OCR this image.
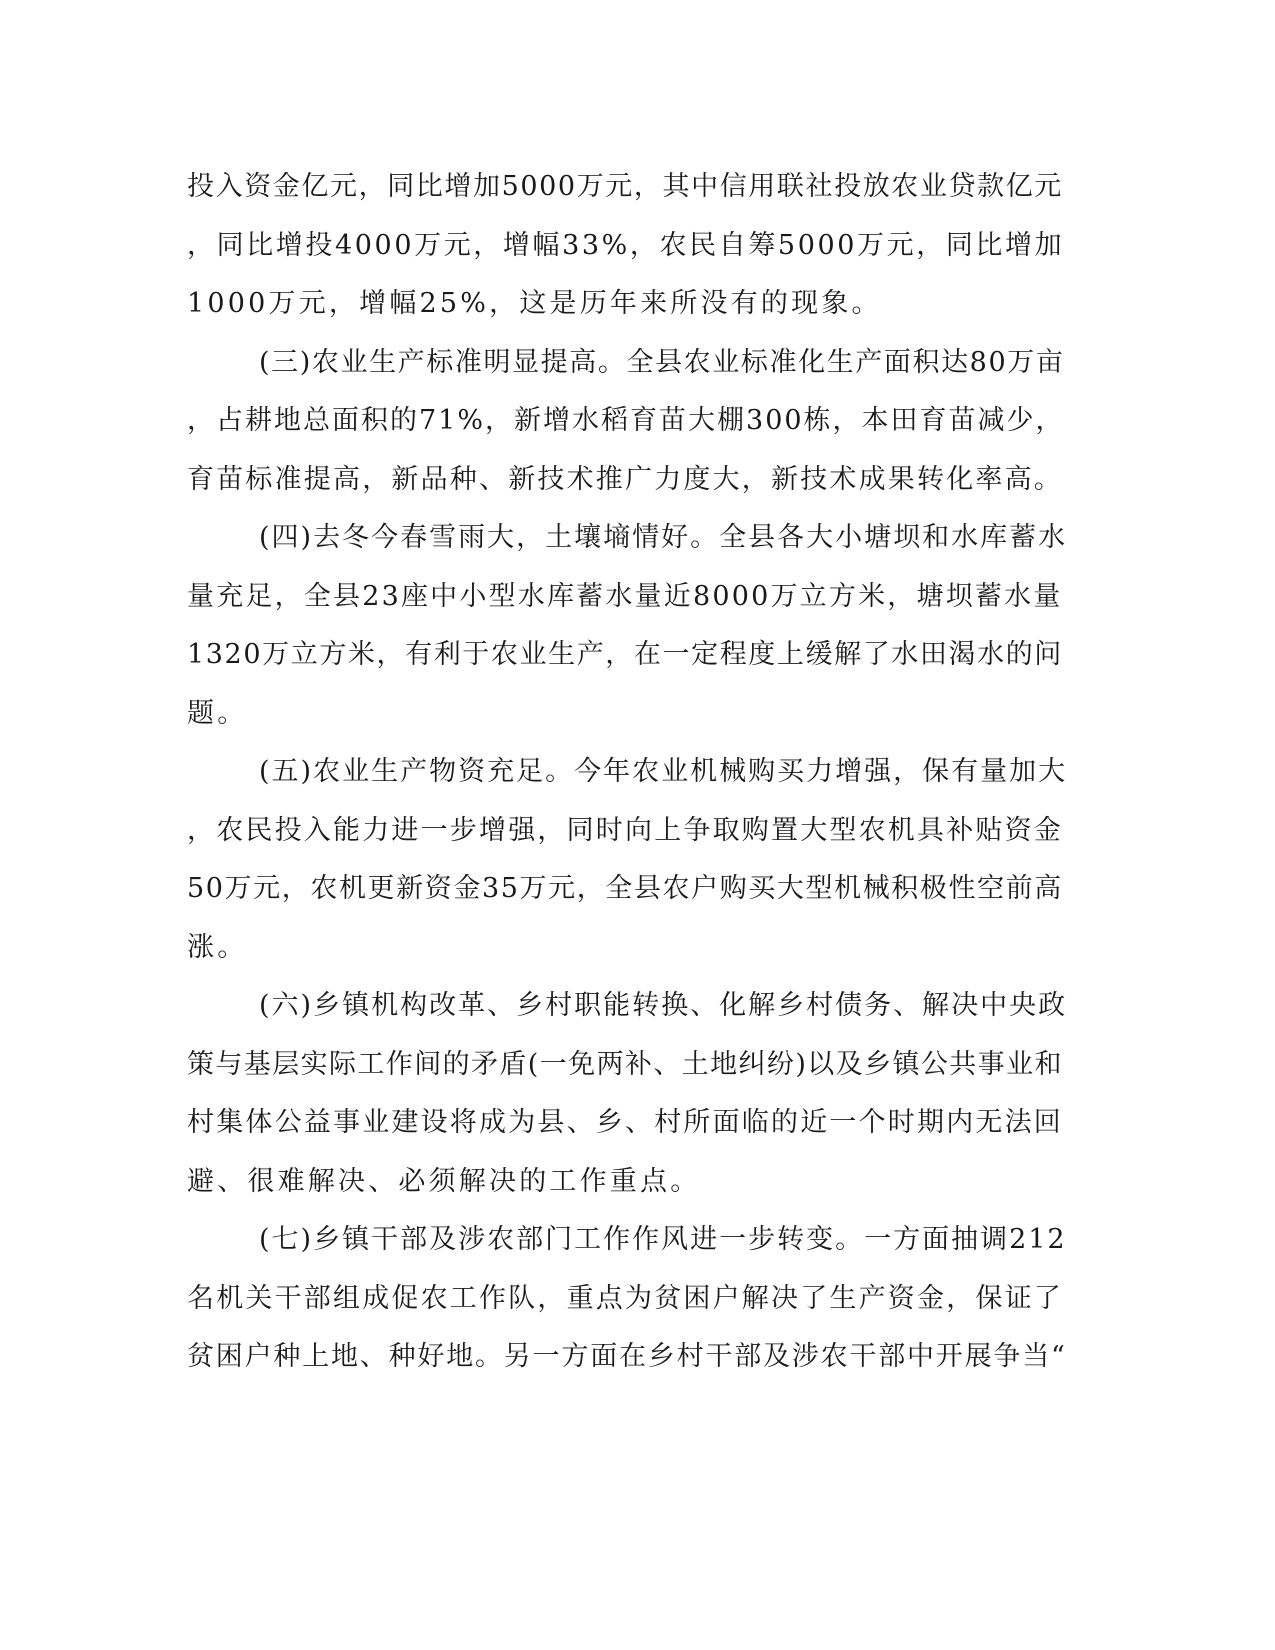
投入资金亿元，同比增加5000万元，其中信用联社投放农业贷款亿元
，同比增投4000万元，增幅33%，农民自筹5000万元，同比增加
1000万元，增幅25%，这是历年来所没有的现象。
(三)农业生产标准明显提高。全县农业标准化生产面积达80万亩
，占耕地总面积的71%，新增水稻育苗大棚300栋，本田育苗减少，
育苗标准提高，新品种、新技术推广力度大，新技术成果转化率高。
(四)去冬今春雪雨大，土壤墒情好。全县各大小塘坝和水库蓄水
量充足，全县23座中小型水库蓄水量近8000万立方米，塘坝蓄水量
1320万立方米，有利于农业生产，在一定程度上缓解了水田渴水的问
题。
(五)农业生产物资充足。今年农业机械购买力增强，保有量加大
，农民投入能力进一步增强，同时向上争取购置大型农机具补贴资金
50万元，农机更新资金35万元，全县农户购买大型机械积极性空前高
涨。
(六)乡镇机构改革、乡村职能转换、化解乡村债务、解决中央政
策与基层实际工作间的矛盾(一免两补、土地纠纷)以及乡镇公共事业和
村集体公益事业建设将成为县、乡、村所面临的近一个时期内无法回
避、很难解决、必须解决的工作重点。
(七)乡镇干部及涉农部门工作作风进一步转变。一方面抽调212
名机关干部组成促农工作队，重点为贫困户解决了生产资金，保证了
贫困户种上地、种好地。另一方面在乡村干部及涉农干部中开展争当“
